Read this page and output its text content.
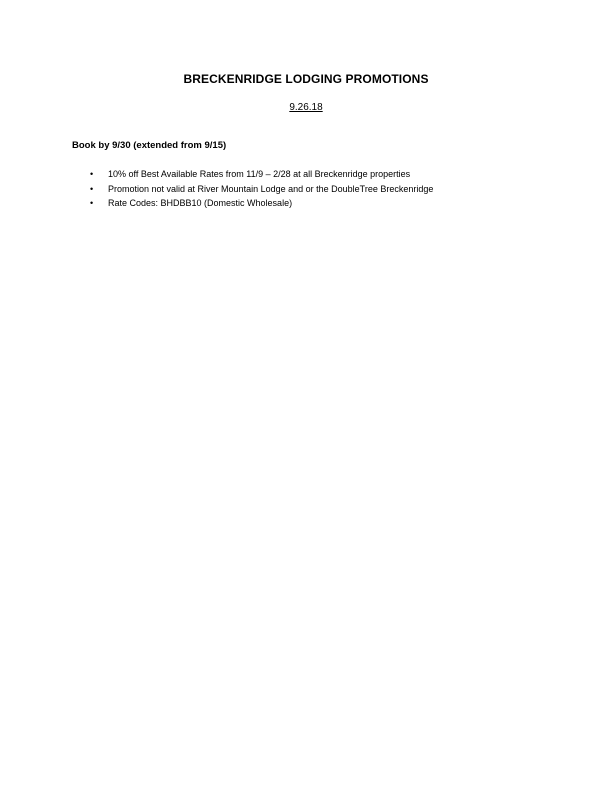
BRECKENRIDGE LODGING PROMOTIONS
9.26.18
Book by 9/30 (extended from 9/15)
• 10% off Best Available Rates from 11/9 – 2/28 at all Breckenridge properties
• Promotion not valid at River Mountain Lodge and or the DoubleTree Breckenridge
• Rate Codes: BHDBB10 (Domestic Wholesale)
